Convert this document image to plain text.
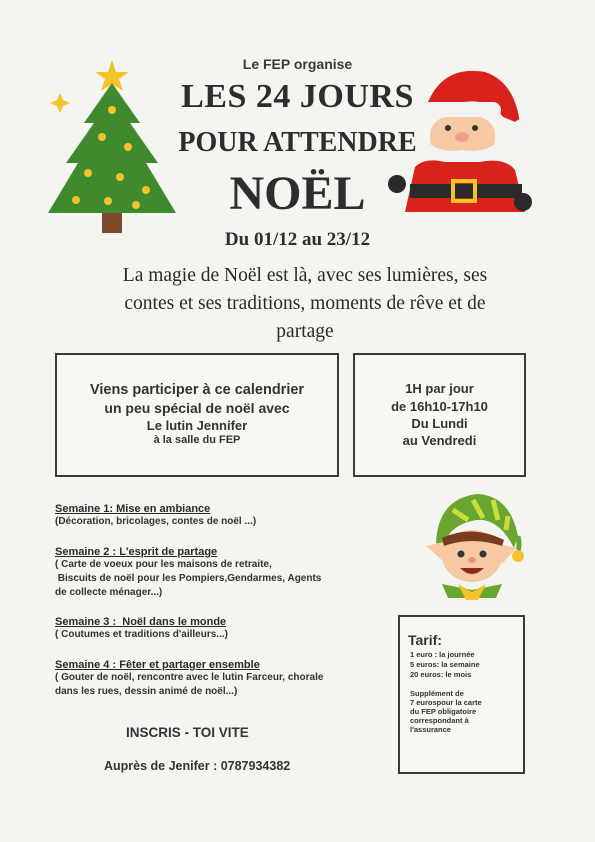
Le FEP organise
LES 24 JOURS
POUR ATTENDRE
NOËL
Du 01/12 au 23/12
La magie de Noël est là, avec ses lumières, ses
contes et ses traditions, moments de rêve et de
partage
Viens participer à ce calendrier
un peu spécial de noël avec
Le lutin Jennifer
à la salle du FEP
1H par jour
de 16h10-17h10
Du Lundi
au Vendredi
Semaine 1: Mise en ambiance
(Décoration, bricolages, contes de noël ...)
Semaine 2 : L'esprit de partage
( Carte de voeux pour les maisons de retraite,
Biscuits de noël pour les Pompiers,Gendarmes, Agents
de collecte ménager...)
Semaine 3 :  Noël dans le monde
( Coutumes et traditions d'ailleurs...)
Semaine 4 : Fêter et partager ensemble
( Gouter de noël, rencontre avec le lutin Farceur, chorale
dans les rues, dessin animé de noël...)
INSCRIS - TOI VITE
Auprès de Jenifer : 0787934382
Tarif:
1 euro : la journée
5 euros: la semaine
20 euros: le mois
Supplément de
7 eurospour la carte
du FEP obligatoire
correspondant à
l'assurance
